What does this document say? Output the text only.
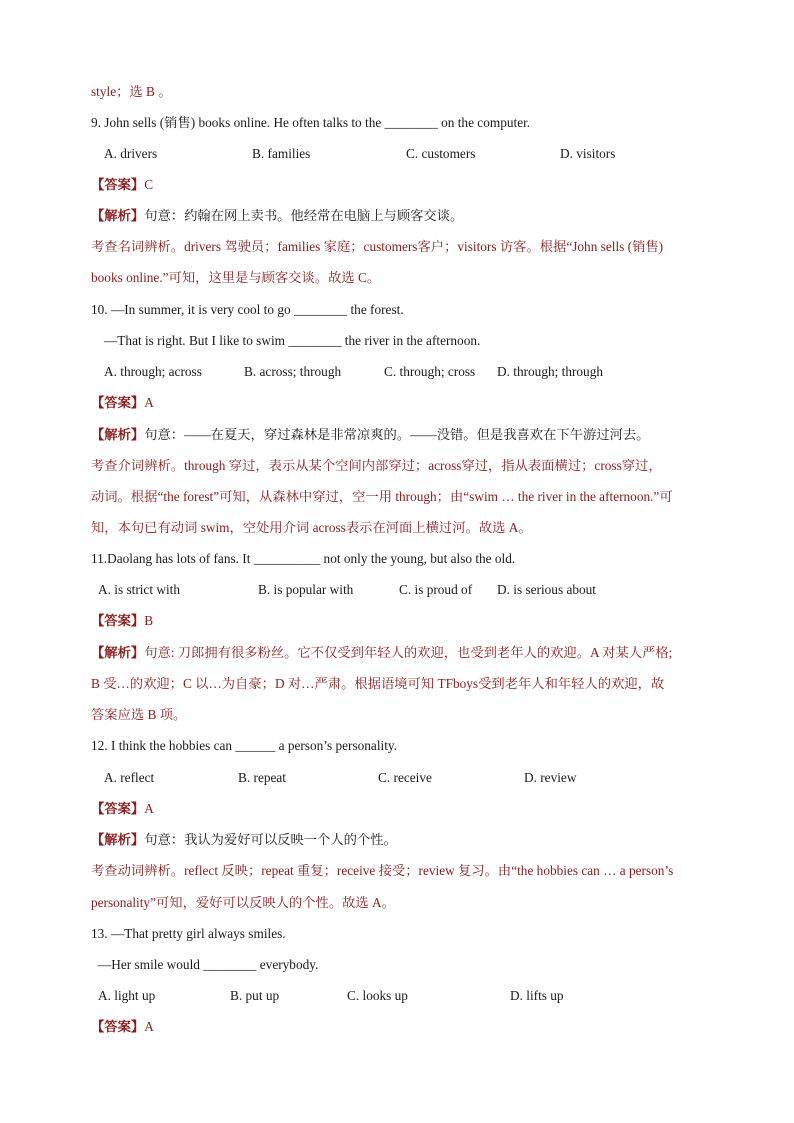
style；选 B 。
9. John sells (销售) books online. He often talks to the ________ on the computer.
A. drivers	B. families	C. customers	D. visitors
【答案】C
【解析】句意：约翰在网上卖书。他经常在电脑上与顾客交谈。
考查名词辨析。drivers 驾驶员；families 家庭；customers客户；visitors 访客。根据“John sells (销售)
books online.”可知，这里是与顾客交谈。故选 C。
10. —In summer, it is very cool to go ________ the forest.
—That is right. But I like to swim ________ the river in the afternoon.
A. through; across	B. across; through	C. through; cross D. through; through
【答案】A
【解析】句意：——在夏天，穿过森林是非常凉爽的。——没错。但是我喜欢在下午游过河去。
考查介词辨析。through 穿过，表示从某个空间内部穿过；across穿过，指从表面横过；cross穿过，
动词。根据“the forest”可知，从森林中穿过，空一用 through；由“swim … the river in the afternoon.”可
知，本句已有动词 swim，空处用介词 across表示在河面上横过河。故选 A。
11.Daolang has lots of fans. It __________ not only the young, but also the old.
A. is strict with	B. is popular with	C. is proud of D. is serious about
【答案】B
【解析】句意: 刀郎拥有很多粉丝。它不仅受到年轻人的欢迎，也受到老年人的欢迎。A 对某人严格;
B 受…的欢迎；C 以…为自豪；D 对…严肃。根据语境可知 TFboys受到老年人和年轻人的欢迎，故
答案应选 B 项。
12. I think the hobbies can ______ a person’s personality.
A. reflect	B. repeat	C. receive	D. review
【答案】A
【解析】句意：我认为爱好可以反映一个人的个性。
考查动词辨析。reflect 反映；repeat 重复；receive 接受；review 复习。由“the hobbies can … a person’s
personality”可知，爱好可以反映人的个性。故选 A。
13. —That pretty girl always smiles.
—Her smile would ________ everybody.
A. light up	B. put up	C. looks up	D. lifts up
【答案】A
